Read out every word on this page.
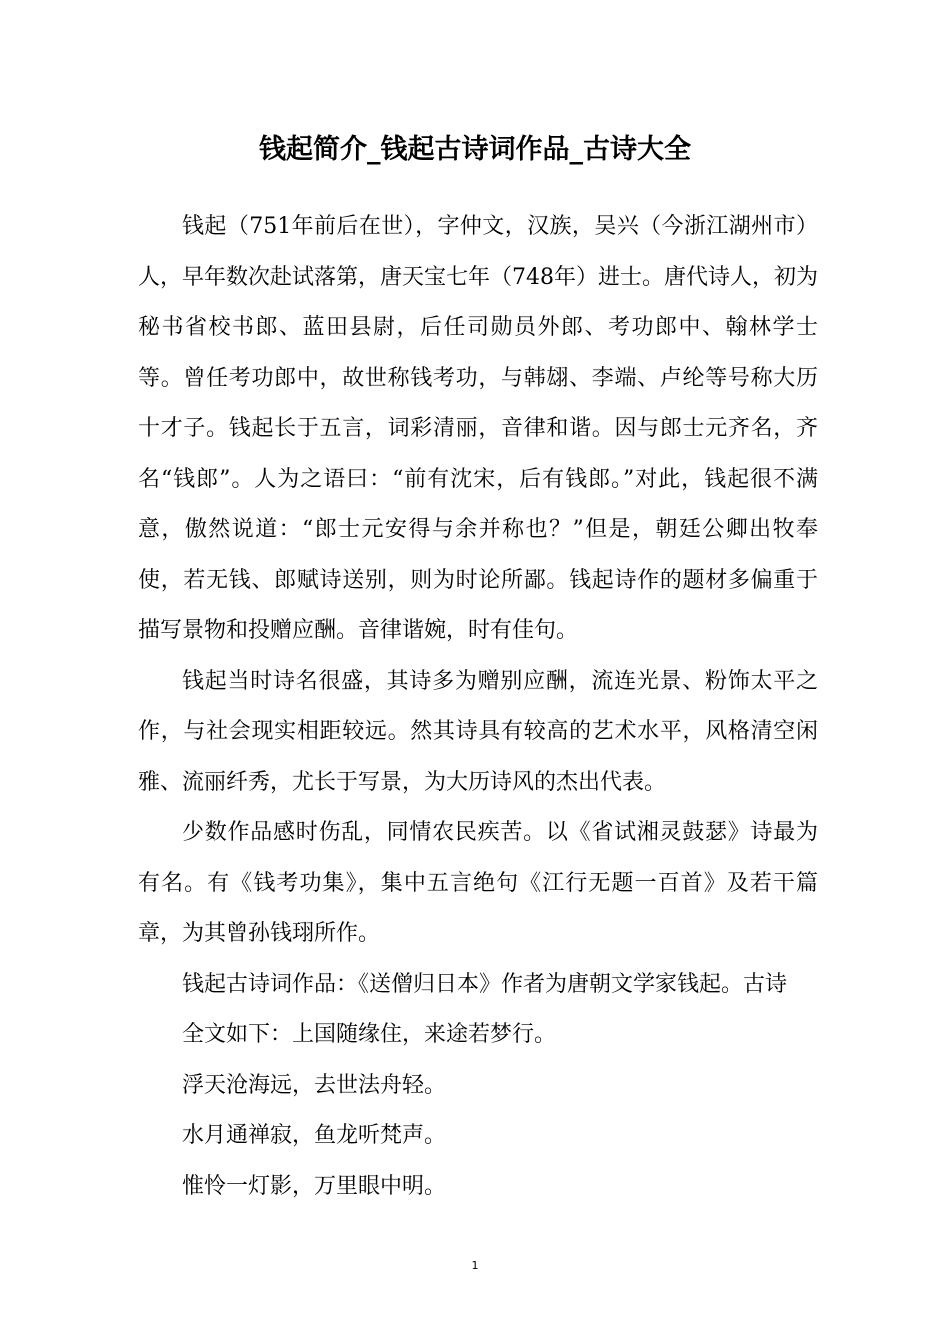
钱起简介_钱起古诗词作品_古诗大全

钱起（751年前后在世），字仲文，汉族，吴兴（今浙江湖州市）人，早年数次赴试落第，唐天宝七年（748年）进士。唐代诗人，初为秘书省校书郎、蓝田县尉，后任司勋员外郎、考功郎中、翰林学士等。曾任考功郎中，故世称钱考功，与韩翃、李端、卢纶等号称大历十才子。钱起长于五言，词彩清丽，音律和谐。因与郎士元齐名，齐名“钱郎”。人为之语曰：“前有沈宋，后有钱郎。”对此，钱起很不满意，傲然说道：“郎士元安得与余并称也？”但是，朝廷公卿出牧奉使，若无钱、郎赋诗送别，则为时论所鄙。钱起诗作的题材多偏重于描写景物和投赠应酬。音律谐婉，时有佳句。

钱起当时诗名很盛，其诗多为赠别应酬，流连光景、粉饰太平之作，与社会现实相距较远。然其诗具有较高的艺术水平，风格清空闲雅、流丽纤秀，尤长于写景，为大历诗风的杰出代表。

少数作品感时伤乱，同情农民疾苦。以《省试湘灵鼓瑟》诗最为有名。有《钱考功集》，集中五言绝句《江行无题一百首》及若干篇章，为其曾孙钱珝所作。

钱起古诗词作品：《送僧归日本》作者为唐朝文学家钱起。古诗

全文如下：上国随缘住，来途若梦行。

浮天沧海远，去世法舟轻。

水月通禅寂，鱼龙听梵声。

惟怜一灯影，万里眼中明。

1
